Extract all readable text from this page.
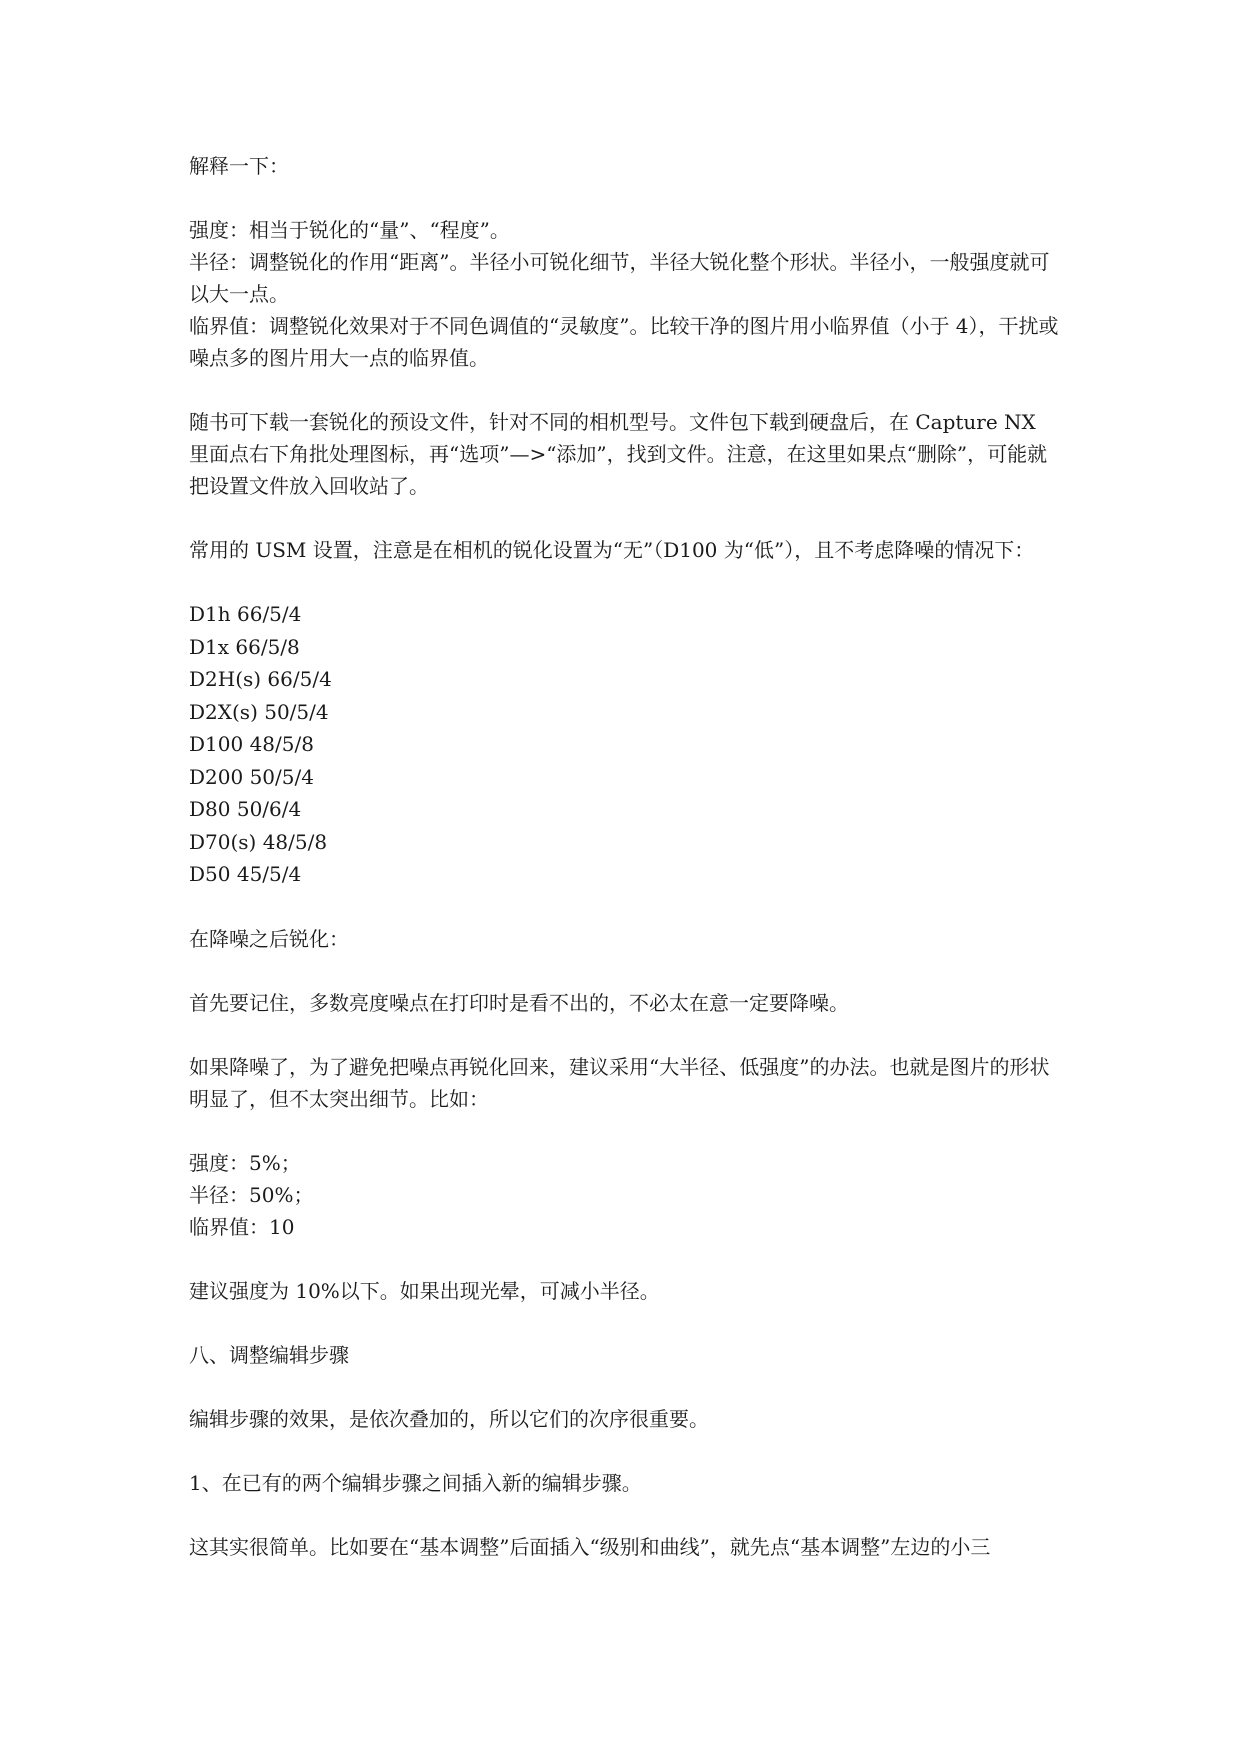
解释一下：

强度：相当于锐化的“量”、“程度”。

半径：调整锐化的作用“距离”。半径小可锐化细节，半径大锐化整个形状。半径小，一般强度就可以大一点。

临界值：调整锐化效果对于不同色调值的“灵敏度”。比较干净的图片用小临界值（小于 4），干扰或噪点多的图片用大一点的临界值。

随书可下载一套锐化的预设文件，针对不同的相机型号。文件包下载到硬盘后，在 Capture NX 里面点右下角批处理图标，再“选项”—>“添加”，找到文件。注意，在这里如果点“删除”，可能就把设置文件放入回收站了。

常用的 USM 设置，注意是在相机的锐化设置为“无”（D100 为“低”），且不考虑降噪的情况下：

D1h 66/5/4

D1x 66/5/8

D2H(s) 66/5/4

D2X(s) 50/5/4

D100 48/5/8

D200 50/5/4

D80 50/6/4

D70(s) 48/5/8

D50 45/5/4

在降噪之后锐化：

首先要记住，多数亮度噪点在打印时是看不出的，不必太在意一定要降噪。

如果降噪了，为了避免把噪点再锐化回来，建议采用“大半径、低强度”的办法。也就是图片的形状明显了，但不太突出细节。比如：

强度：5%；

半径：50%；

临界值：10

建议强度为 10%以下。如果出现光晕，可减小半径。

八、调整编辑步骤

编辑步骤的效果，是依次叠加的，所以它们的次序很重要。

1、在已有的两个编辑步骤之间插入新的编辑步骤。

这其实很简单。比如要在“基本调整”后面插入“级别和曲线”，就先点“基本调整”左边的小三
